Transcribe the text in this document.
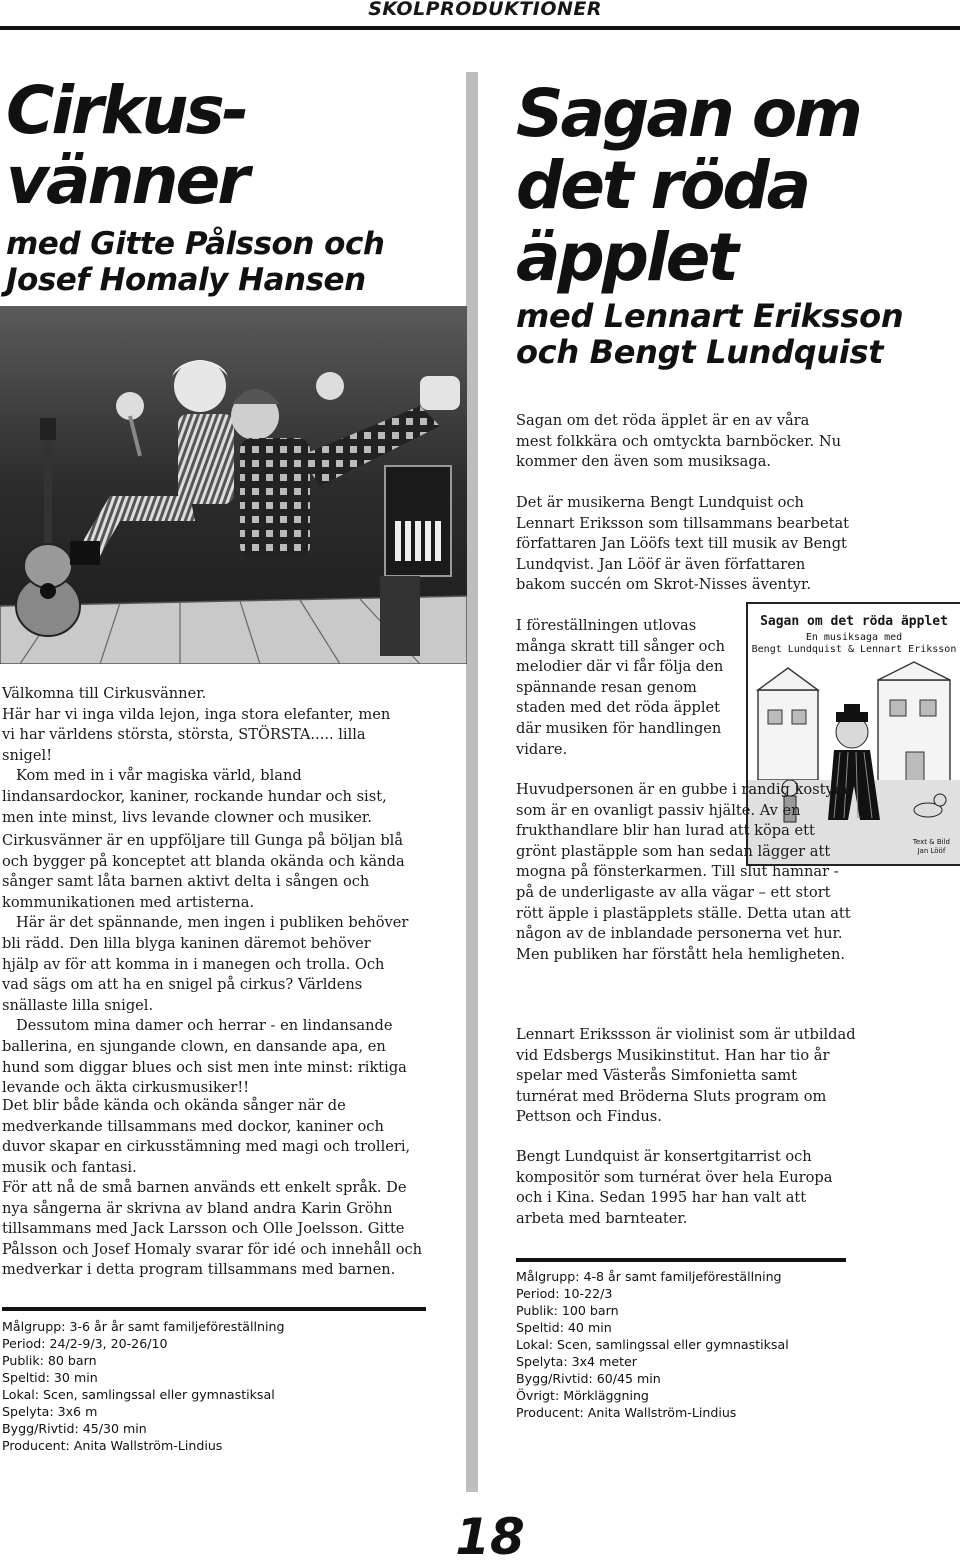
SKOLPRODUKTIONER
Cirkus-
vänner
med Gitte Pålsson och
Josef Homaly Hansen

Välkomna till Cirkusvänner.

Här har vi inga vilda lejon, inga stora elefanter, men vi har världens största, största, STÖRSTA..... lilla snigel!

Kom med in i vår magiska värld, bland lindansardockor, kaniner, rockande hundar och sist, men inte minst, livs levande clowner och musiker.

Cirkusvänner är en uppföljare till Gunga på böljan blå och bygger på konceptet att blanda okända och kända sånger samt låta barnen aktivt delta i sången och kommunikationen med artisterna.

Här är det spännande, men ingen i publiken behöver bli rädd. Den lilla blyga kaninen däremot behöver hjälp av för att komma in i manegen och trolla. Och vad sägs om att ha en snigel på cirkus? Världens snällaste lilla snigel.

Dessutom mina damer och herrar - en lindansande ballerina, en sjungande clown, en dansande apa, en hund som diggar blues och sist men inte minst: riktiga levande och äkta cirkusmusiker!!

Det blir både kända och okända sånger när de medverkande tillsammans med dockor, kaniner och duvor skapar en cirkusstämning med magi och trolleri, musik och fantasi.

För att nå de små barnen används ett enkelt språk. De nya sångerna är skrivna av bland andra Karin Gröhn tillsammans med Jack Larsson och Olle Joelsson. Gitte Pålsson och Josef Homaly svarar för idé och innehåll och medverkar i detta program tillsammans med barnen.

Målgrupp: 3-6 år år samt familjeföreställning
Period: 24/2-9/3, 20-26/10
Publik: 80 barn
Speltid: 30 min
Lokal: Scen, samlingssal eller gymnastiksal
Spelyta: 3x6 m
Bygg/Rivtid: 45/30 min
Producent: Anita Wallström-Lindius
Sagan om
det röda
äpplet
med Lennart Eriksson
och Bengt Lundquist

Sagan om det röda äpplet är en av våra mest folkkära och omtyckta barnböcker. Nu kommer den även som musiksaga.

Det är musikerna Bengt Lundquist och Lennart Eriksson som tillsammans bearbetat författaren Jan Lööfs text till musik av Bengt Lundqvist. Jan Lööf är även författaren bakom succén om Skrot-Nisses äventyr.

I föreställningen utlovas många skratt till sånger och melodier där vi får följa den spännande resan genom staden med det röda äpplet där musiken för handlingen vidare.

Sagan om det röda äpplet
En musiksaga med
Bengt Lundquist & Lennart Eriksson
Text & Bild
Jan Lööf

Huvudpersonen är en gubbe i randig kostym som är en ovanligt passiv hjälte. Av en frukthandlare blir han lurad att köpa ett grönt plastäpple som han sedan lägger att mogna på fönsterkarmen. Till slut hamnar - på de underligaste av alla vägar – ett stort rött äpple i plastäpplets ställe. Detta utan att någon av de inblandade personerna vet hur. Men publiken har förstått hela hemligheten.

Lennart Erikssson är violinist som är utbildad vid Edsbergs Musikinstitut. Han har tio år spelar med Västerås Simfonietta samt turnérat med Bröderna Sluts program om Pettson och Findus.

Bengt Lundquist är konsertgitarrist och kompositör som turnérat över hela Europa och i Kina. Sedan 1995 har han valt att arbeta med barnteater.

Målgrupp: 4-8 år samt familjeföreställning
Period: 10-22/3
Publik: 100 barn
Speltid: 40 min
Lokal: Scen, samlingssal eller gymnastiksal
Spelyta: 3x4 meter
Bygg/Rivtid: 60/45 min
Övrigt: Mörkläggning
Producent: Anita Wallström-Lindius
18
